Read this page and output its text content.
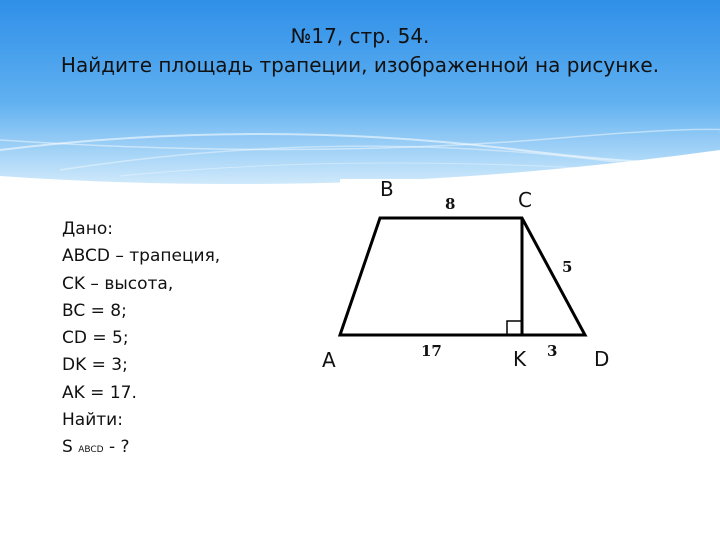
№17, стр. 54.
Найдите площадь трапеции, изображенной на рисунке.
Дано:
ABCD – трапеция,
CK – высота,
BC = 8;
CD = 5;
DK = 3;
AK = 17.
Найти:
S ABCD - ?
B	C
A	K	D
8
5
17	3
